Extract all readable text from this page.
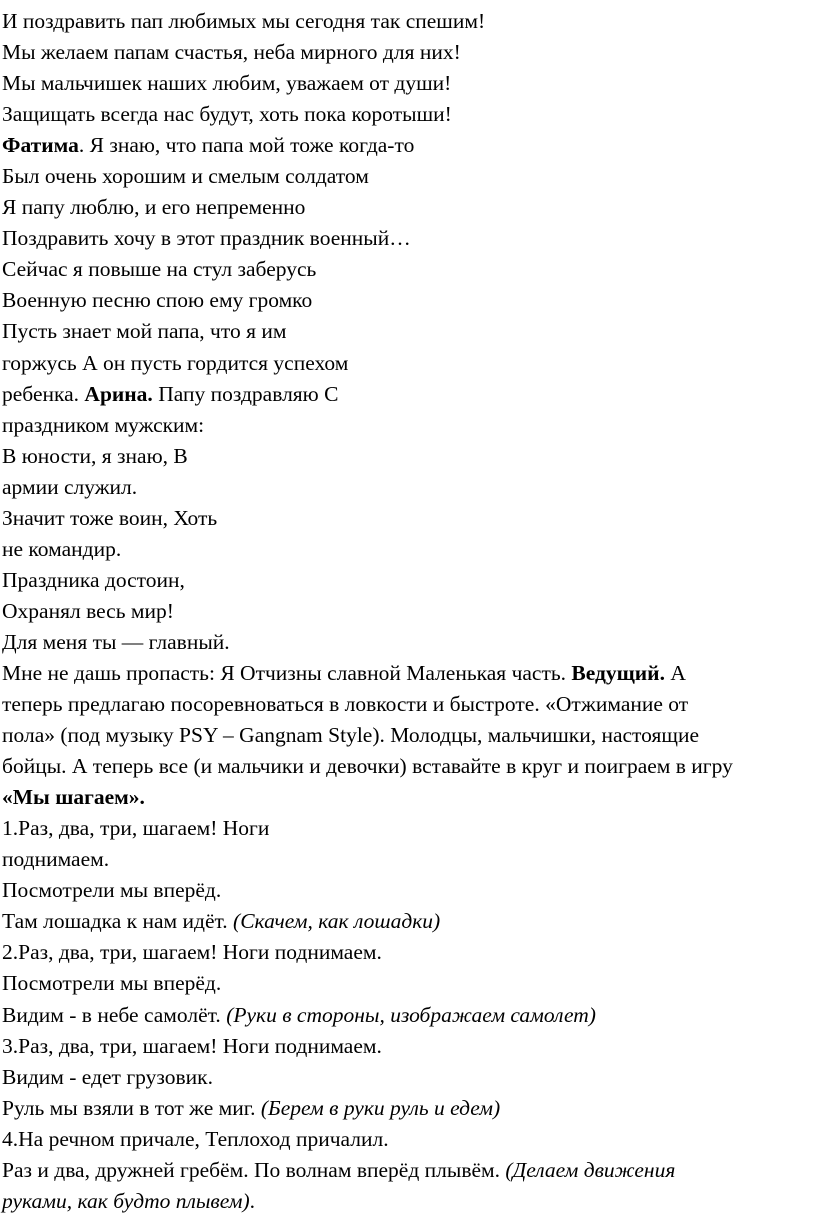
И поздравить пап любимых мы сегодня так спешим!
Мы желаем папам счастья, неба мирного для них!
Мы мальчишек наших любим, уважаем от души!
Защищать всегда нас будут, хоть пока коротыши!
Фатима. Я знаю, что папа мой тоже когда-то
Был очень хорошим и смелым солдатом
Я папу люблю, и его непременно
Поздравить хочу в этот праздник военный…
Сейчас я повыше на стул заберусь
Военную песню спою ему громко
Пусть знает мой папа, что я им
горжусь А он пусть гордится успехом
ребенка. Арина. Папу поздравляю С
праздником мужским:
В юности, я знаю, В
армии служил.
Значит тоже воин, Хоть
не командир.
Праздника достоин,
Охранял весь мир!
Для меня ты — главный.
Мне не дашь пропасть: Я Отчизны славной Маленькая часть. Ведущий. А
теперь предлагаю посоревноваться в ловкости и быстроте. «Отжимание от
пола» (под музыку PSY – Gangnam Style). Молодцы, мальчишки, настоящие
бойцы. А теперь все (и мальчики и девочки) вставайте в круг и поиграем в игру
«Мы шагаем».
1.Раз, два, три, шагаем! Ноги
поднимаем.
Посмотрели мы вперёд.
Там лошадка к нам идёт. (Скачем, как лошадки)
2.Раз, два, три, шагаем! Ноги поднимаем.
Посмотрели мы вперёд.
Видим - в небе самолёт. (Руки в стороны, изображаем самолет)
3.Раз, два, три, шагаем! Ноги поднимаем.
Видим - едет грузовик.
Руль мы взяли в тот же миг. (Берем в руки руль и едем)
4.На речном причале, Теплоход причалил.
Раз и два, дружней гребём. По волнам вперёд плывём. (Делаем движения
руками, как будто плывем).
